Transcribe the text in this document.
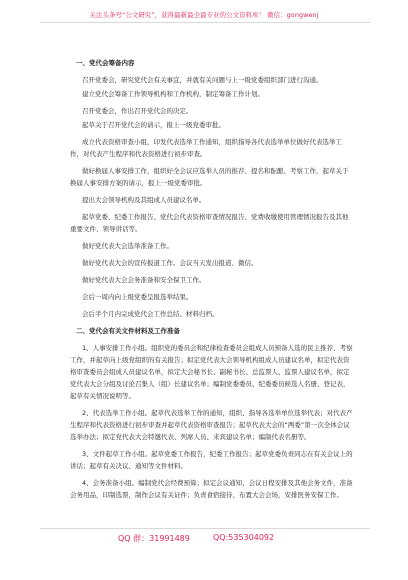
关注头条号“公文研究”，获得最新最全最专业的公文资料库！ 微信：gongwenj
一、党代会筹备内容
召开党委会，研究党代会有关事宜，并就有关问题与上一级党委组织部门进行沟通。
建立党代会筹备工作领导机构和工作机构，制定筹备工作计划。
召开党委会，作出召开党代会的决定。
起草关于召开党代会的请示，报上一级党委审批。
成立代表资格审查小组，印发代表选举工作通知，组织指导各代表选举单位做好代表选举工作，对代表产生程序和代表资格进行初步审查。
做好换届人事安排工作，组织好全会议应选举人员的推荐、提名和酝酿、考察工作，起草关于换届人事安排方案的请示，报上一级党委审批。
提出大会领导机构及其组成人员建议名单。
起草党委、纪委工作报告、党代会代表资格审查情况报告、党费收缴使用管理情况报告及其他重要文件、领导讲话等。
做好党代表大会选举准备工作。
做好党代表大会的宣传报道工作。会议当天发出报道、微信。
做好党代表大会会务准备和安全保卫工作。
会后一周内向上级党委呈报选举结果。
会后半个月内完成党代会工作总结、材料归档。
二、党代会有关文件材料及工作准备
1、人事安排工作小组。组织党的委员会和纪律检查委员会组成人员预备人选的民主推荐、考察工作，并起草向上级党组织的有关报告；拟定党代表大会领导机构组成人员建议名单，拟定代表资格审查委员会组成人员建议名单，拟定大会秘书长、副秘书长、总监票人、监票人建议名单，拟定党代表大会分组及讨论召集人（组）长建议名单；编制党委委员、纪委委员候选人名册、登记表，起草有关情况说明等。
2、代表选举工作小组。起草代表选举工作的通知，组织、指导各选举单位选举代表；对代表产生程序和代表资格进行初步审查并起草代表资格审查报告；起草代表大会的“两委”第一次全体会议选举办法；拟定党代表大会特邀代表、列席人员、来宾建议名单；编制代表名册等。
3、文件起草工作小组。起草党委工作报告，纪委工作报告；起草党委负责同志在有关会议上的讲话；起草有关决议、通知等文件材料。
4、会务准备小组。编制党代会经费预算；拟定会议通知、会议日程安排及其他会务文件，准备会务用品，印制选票，制作会议有关证件；负责食宿接待、布置大会会场，安排医务安保工作。
QQ 群：31991489	QQ:535304092
